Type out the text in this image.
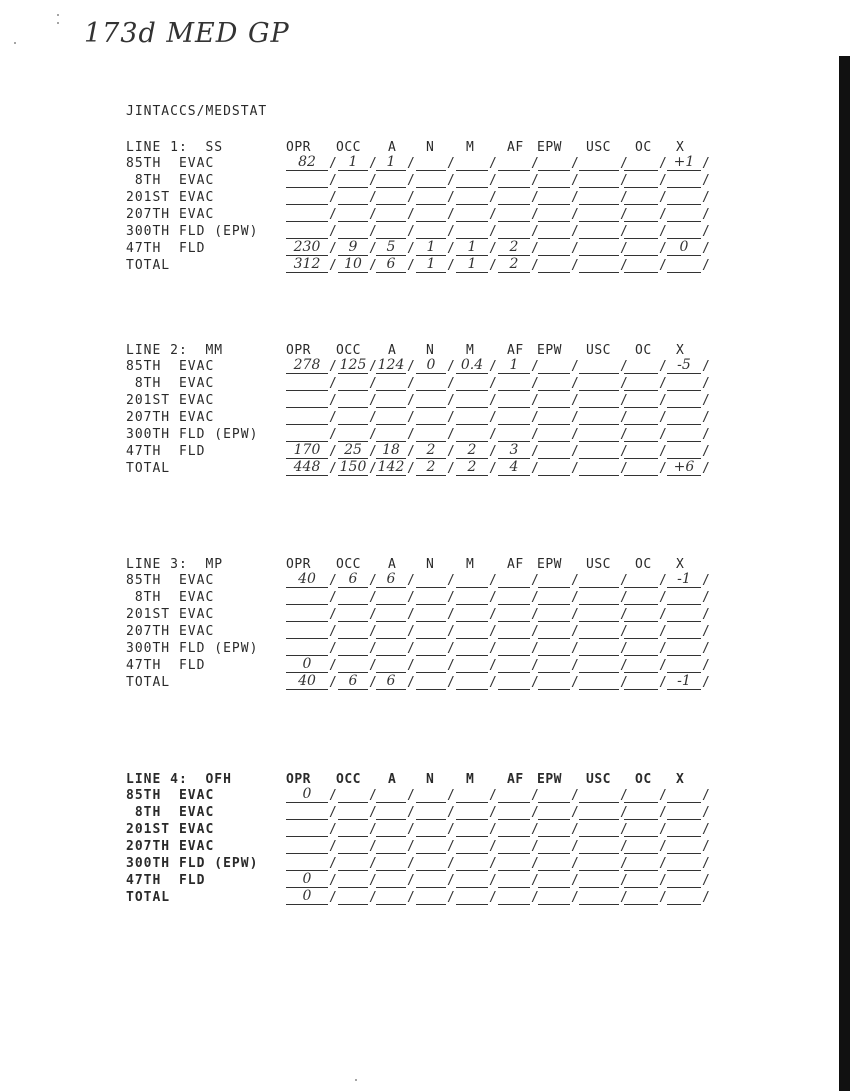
173d MED GP
JINTACCS/MEDSTAT
LINE 1:  SS	OPR OCC A N M	AF EPW USC OC X
85TH  EVAC	82	/ 1 / 1 / /	/	/ /	/ / +1 /
8TH  EVAC	/ / / /	/	/ /	/ /	/
201ST EVAC	/ / / /	/	/ /	/ /	/
207TH EVAC	/ / / /	/	/ /	/ /	/
300TH FLD (EPW)	/ / / /	/	/ /	/ /	/
47TH  FLD	230 / 9 / 5 / 1 / 1 / 2 / /	/ / 0	/
TOTAL	312 / 10 / 6 / 1 / 1 / 2 / /	/ /	/
LINE 2:  MM	OPR OCC A N M	AF EPW USC OC X
85TH  EVAC	278 / 125 / 124 / 0 / 0.4 / 1 / /	/ / -5 /
8TH  EVAC	/ / / /	/	/ /	/ /	/
201ST EVAC	/ / / /	/	/ /	/ /	/
207TH EVAC	/ / / /	/	/ /	/ /	/
300TH FLD (EPW)	/ / / /	/	/ /	/ /	/
47TH  FLD	170 / 25 / 18 / 2 / 2 / 3 / /	/ /	/
TOTAL	448 / 150 / 142 / 2 / 2 / 4 / /	/ / +6 /
LINE 3:  MP	OPR OCC A N M	AF EPW USC OC X
85TH  EVAC	40	/ 6 / 6 / /	/	/ /	/ / -1 /
8TH  EVAC	/ / / /	/	/ /	/ /	/
201ST EVAC	/ / / /	/	/ /	/ /	/
207TH EVAC	/ / / /	/	/ /	/ /	/
300TH FLD (EPW)	/ / / /	/	/ /	/ /	/
47TH  FLD	0	/ / / /	/	/ /	/ /	/
TOTAL	40	/ 6 / 6 / /	/	/ /	/ / -1 /
LINE 4:  OFH	OPR OCC A N M	AF EPW USC OC X
85TH  EVAC	0	/ / / /	/	/ /	/ /	/
8TH  EVAC	/ / / /	/	/ /	/ /	/
201ST EVAC	/ / / /	/	/ /	/ /	/
207TH EVAC	/ / / /	/	/ /	/ /	/
300TH FLD (EPW)	/ / / /	/	/ /	/ /	/
47TH  FLD	0	/ / / /	/	/ /	/ /	/
TOTAL	0	/ / / /	/	/ /	/ /	/
